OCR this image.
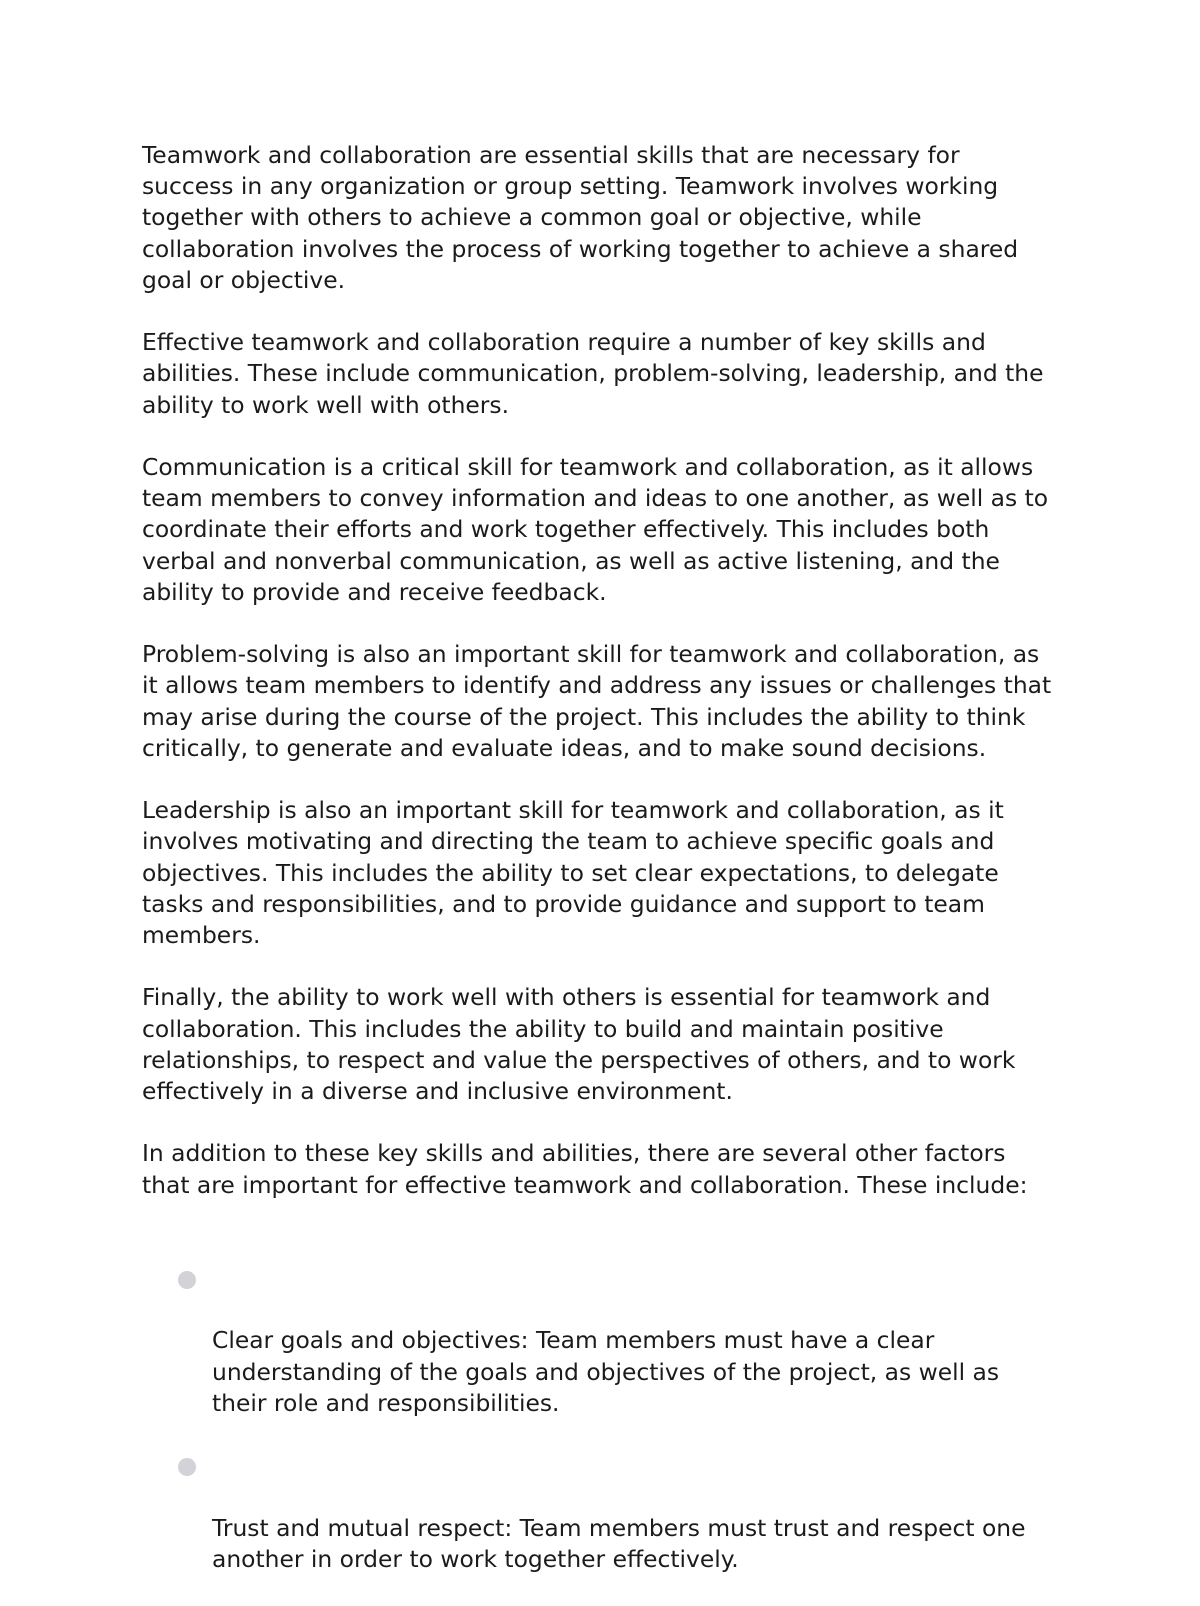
Teamwork and collaboration are essential skills that are necessary for
success in any organization or group setting. Teamwork involves working
together with others to achieve a common goal or objective, while
collaboration involves the process of working together to achieve a shared
goal or objective.

Effective teamwork and collaboration require a number of key skills and
abilities. These include communication, problem-solving, leadership, and the
ability to work well with others.

Communication is a critical skill for teamwork and collaboration, as it allows
team members to convey information and ideas to one another, as well as to
coordinate their efforts and work together effectively. This includes both
verbal and nonverbal communication, as well as active listening, and the
ability to provide and receive feedback.

Problem-solving is also an important skill for teamwork and collaboration, as
it allows team members to identify and address any issues or challenges that
may arise during the course of the project. This includes the ability to think
critically, to generate and evaluate ideas, and to make sound decisions.

Leadership is also an important skill for teamwork and collaboration, as it
involves motivating and directing the team to achieve specific goals and
objectives. This includes the ability to set clear expectations, to delegate
tasks and responsibilities, and to provide guidance and support to team
members.

Finally, the ability to work well with others is essential for teamwork and
collaboration. This includes the ability to build and maintain positive
relationships, to respect and value the perspectives of others, and to work
effectively in a diverse and inclusive environment.

In addition to these key skills and abilities, there are several other factors
that are important for effective teamwork and collaboration. These include:

Clear goals and objectives: Team members must have a clear
understanding of the goals and objectives of the project, as well as
their role and responsibilities.

Trust and mutual respect: Team members must trust and respect one
another in order to work together effectively.
